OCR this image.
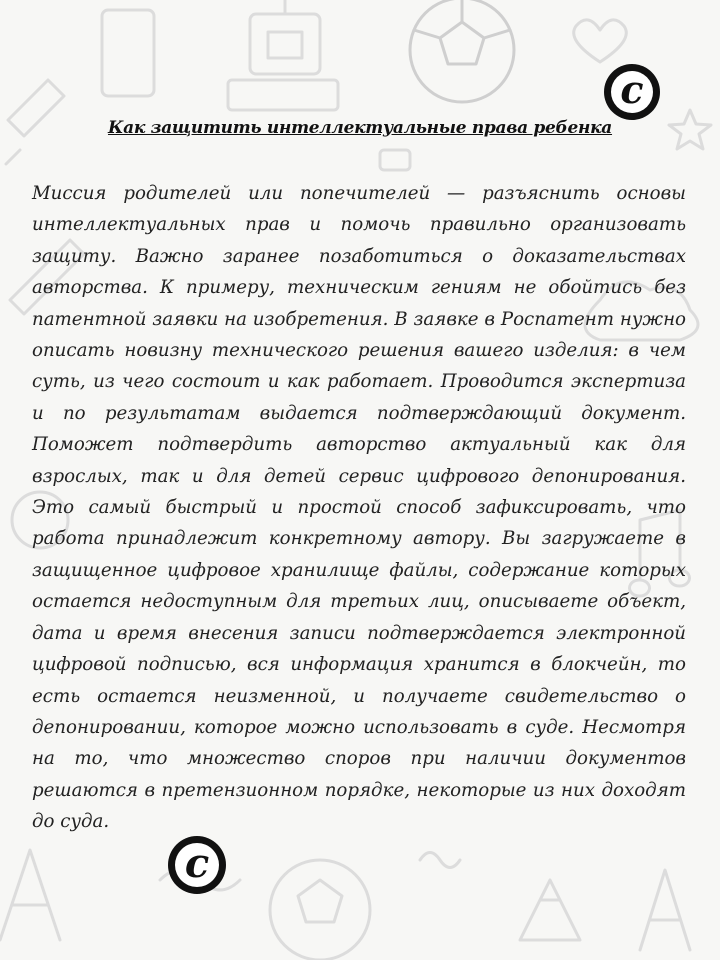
c
Как защитить интеллектуальные права ребенка

Миссия родителей или попечителей — разъяснить основы интеллектуальных прав и помочь правильно организовать защиту. Важно заранее позаботиться о доказательствах авторства. К примеру, техническим гениям не обойтись без патентной заявки на изобретения. В заявке в Роспатент нужно описать новизну технического решения вашего изделия: в чем суть, из чего состоит и как работает. Проводится экспертиза и по результатам выдается подтверждающий документ. Поможет подтвердить авторство актуальный как для взрослых, так и для детей сервис цифрового депонирования. Это самый быстрый и простой способ зафиксировать, что работа принадлежит конкретному автору. Вы загружаете в защищенное цифровое хранилище файлы, содержание которых остается недоступным для третьих лиц, описываете объект, дата и время внесения записи подтверждается электронной цифровой подписью, вся информация хранится в блокчейн, то есть остается неизменной, и получаете свидетельство о депонировании, которое можно использовать в суде. Несмотря на то, что множество споров при наличии документов решаются в претензионном порядке, некоторые из них доходят до суда.

c
